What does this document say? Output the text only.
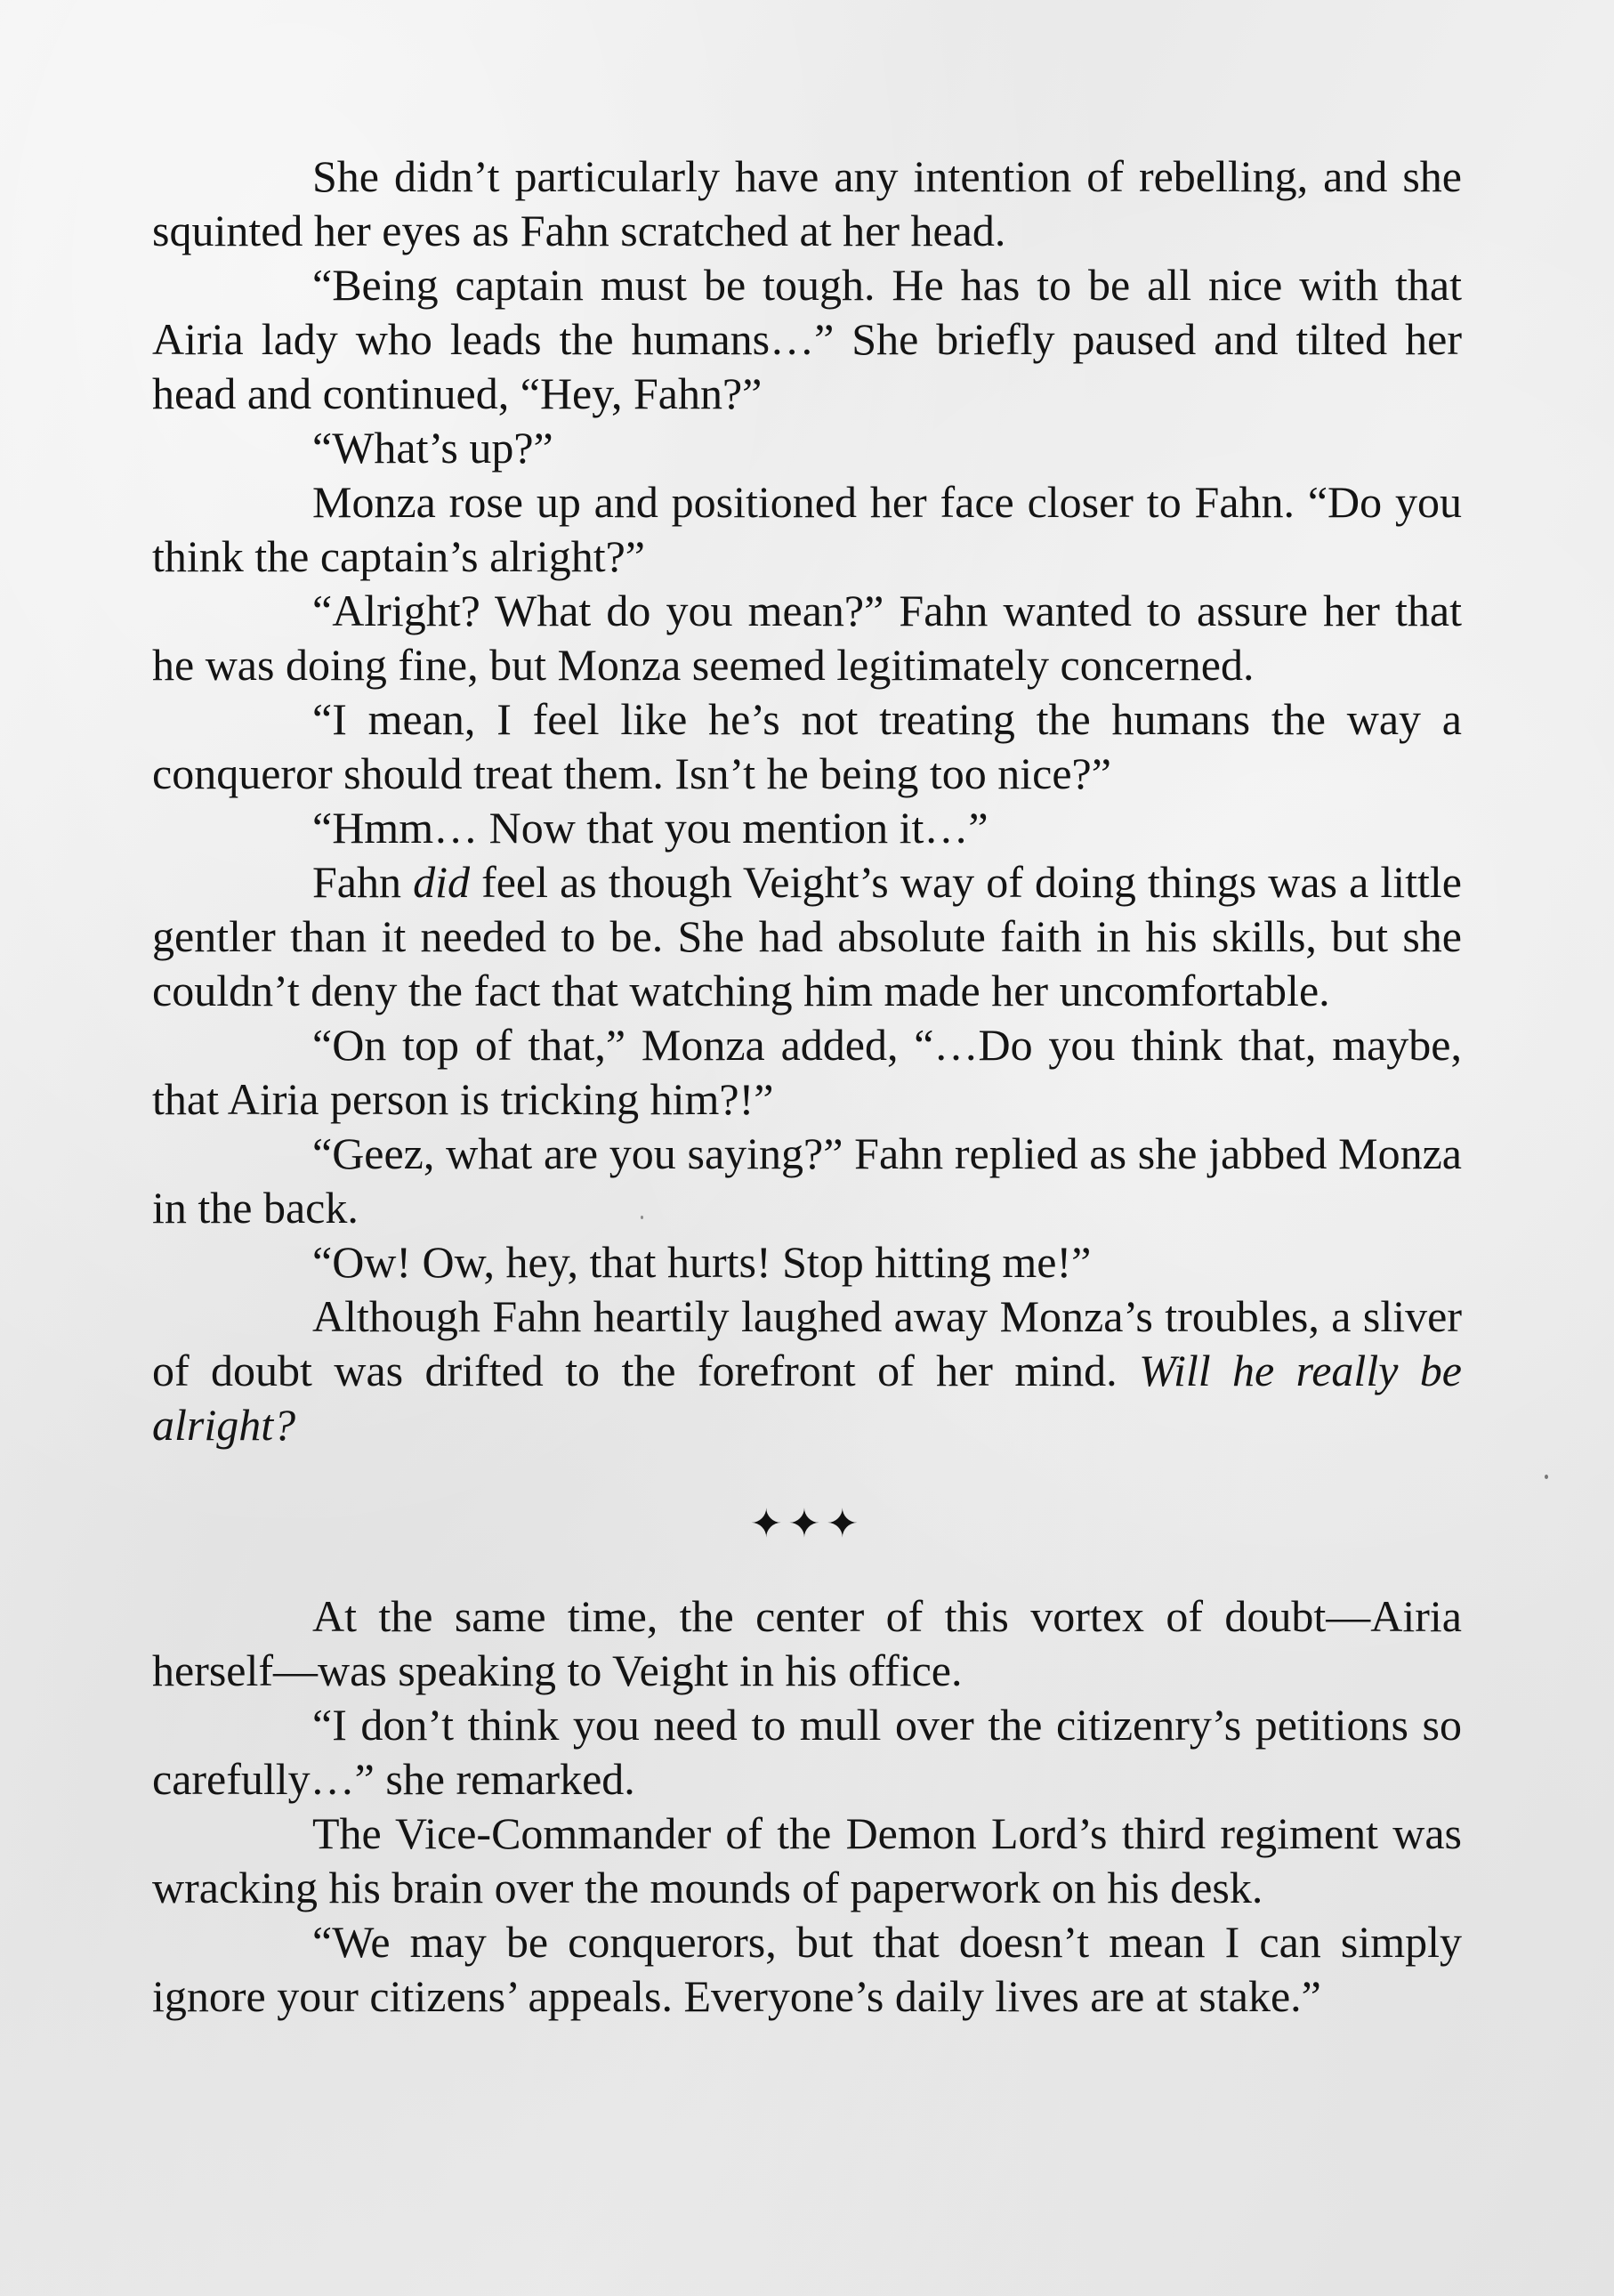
She didn’t particularly have any intention of rebelling, and she squinted her eyes as Fahn scratched at her head.

“Being captain must be tough. He has to be all nice with that Airia lady who leads the humans…” She briefly paused and tilted her head and continued, “Hey, Fahn?”

“What’s up?”

Monza rose up and positioned her face closer to Fahn. “Do you think the captain’s alright?”

“Alright? What do you mean?” Fahn wanted to assure her that he was doing fine, but Monza seemed legitimately concerned.

“I mean, I feel like he’s not treating the humans the way a conqueror should treat them. Isn’t he being too nice?”

“Hmm… Now that you mention it…”

Fahn did feel as though Veight’s way of doing things was a little gentler than it needed to be. She had absolute faith in his skills, but she couldn’t deny the fact that watching him made her uncomfortable.

“On top of that,” Monza added, “…Do you think that, maybe, that Airia person is tricking him?!”

“Geez, what are you saying?” Fahn replied as she jabbed Monza in the back.

“Ow! Ow, hey, that hurts! Stop hitting me!”

Although Fahn heartily laughed away Monza’s troubles, a sliver of doubt was drifted to the forefront of her mind. Will he really be alright?

✦✦✦

At the same time, the center of this vortex of doubt—Airia herself—was speaking to Veight in his office.

“I don’t think you need to mull over the citizenry’s petitions so carefully…” she remarked.

The Vice-Commander of the Demon Lord’s third regiment was wracking his brain over the mounds of paperwork on his desk.

“We may be conquerors, but that doesn’t mean I can simply ignore your citizens’ appeals. Everyone’s daily lives are at stake.”
